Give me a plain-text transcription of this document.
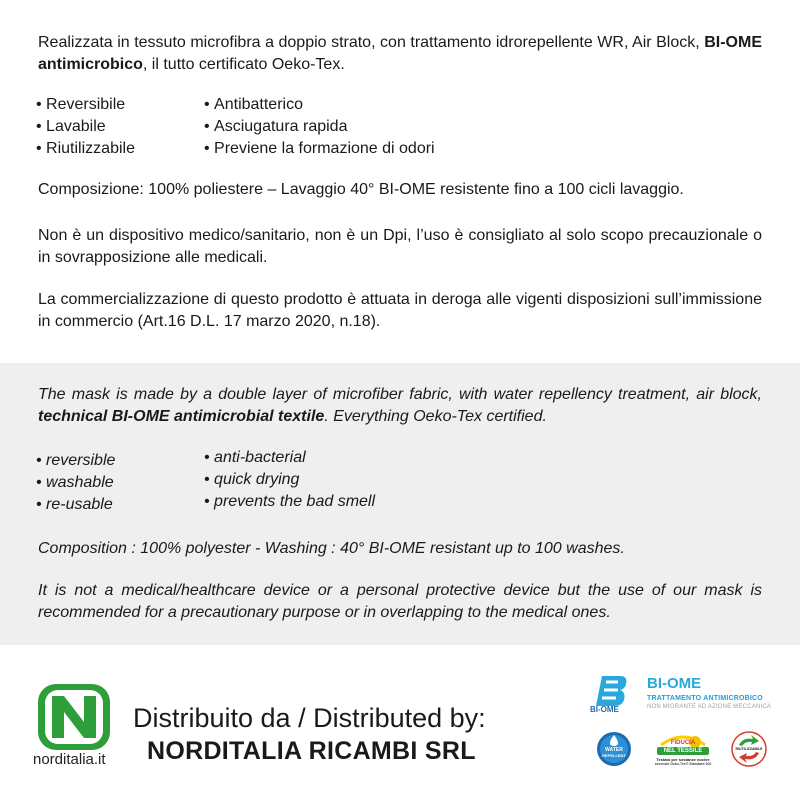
Realizzata in tessuto microfibra a doppio strato, con trattamento idrorepellente WR, Air Block, BI-OME antimicrobico, il tutto certificato Oeko-Tex.

• Reversibile
• Lavabile
• Riutilizzabile
• Antibatterico
• Asciugatura rapida
• Previene la formazione di odori

Composizione: 100% poliestere – Lavaggio 40° BI-OME resistente fino a 100 cicli lavaggio.

Non è un dispositivo medico/sanitario, non è un Dpi, l’uso è consigliato al solo scopo precauzionale o in sovrapposizione alle medicali.

La commercializzazione di questo prodotto è attuata in deroga alle vigenti disposizioni sull’immissione in commercio (Art.16 D.L. 17 marzo 2020, n.18).

The mask is made by a double layer of microfiber fabric, with water repellency treatment, air block, technical BI-OME antimicrobial textile. Everything Oeko-Tex certified.

• reversible
• washable
• re-usable
• anti-bacterial
• quick drying
• prevents the bad smell

Composition : 100% polyester - Washing : 40° BI-OME resistant up to 100 washes.

It is not a medical/healthcare device or a personal protective device but the use of our mask is recommended for a precautionary purpose or in overlapping to the medical ones.

norditalia.it
Distribuito da / Distributed by:
NORDITALIA RICAMBI SRL
BI-OME
BI-OME
TRATTAMENTO ANTIMICROBICO
NON MIGRANTE AD AZIONE MECCANICA
WATER
REPELLENT
FIDUCIA
NEL TESSILE
Testato per sostanze nocive
secondo Oeko-Tex® Standard 100
RIUTILIZZABILE
